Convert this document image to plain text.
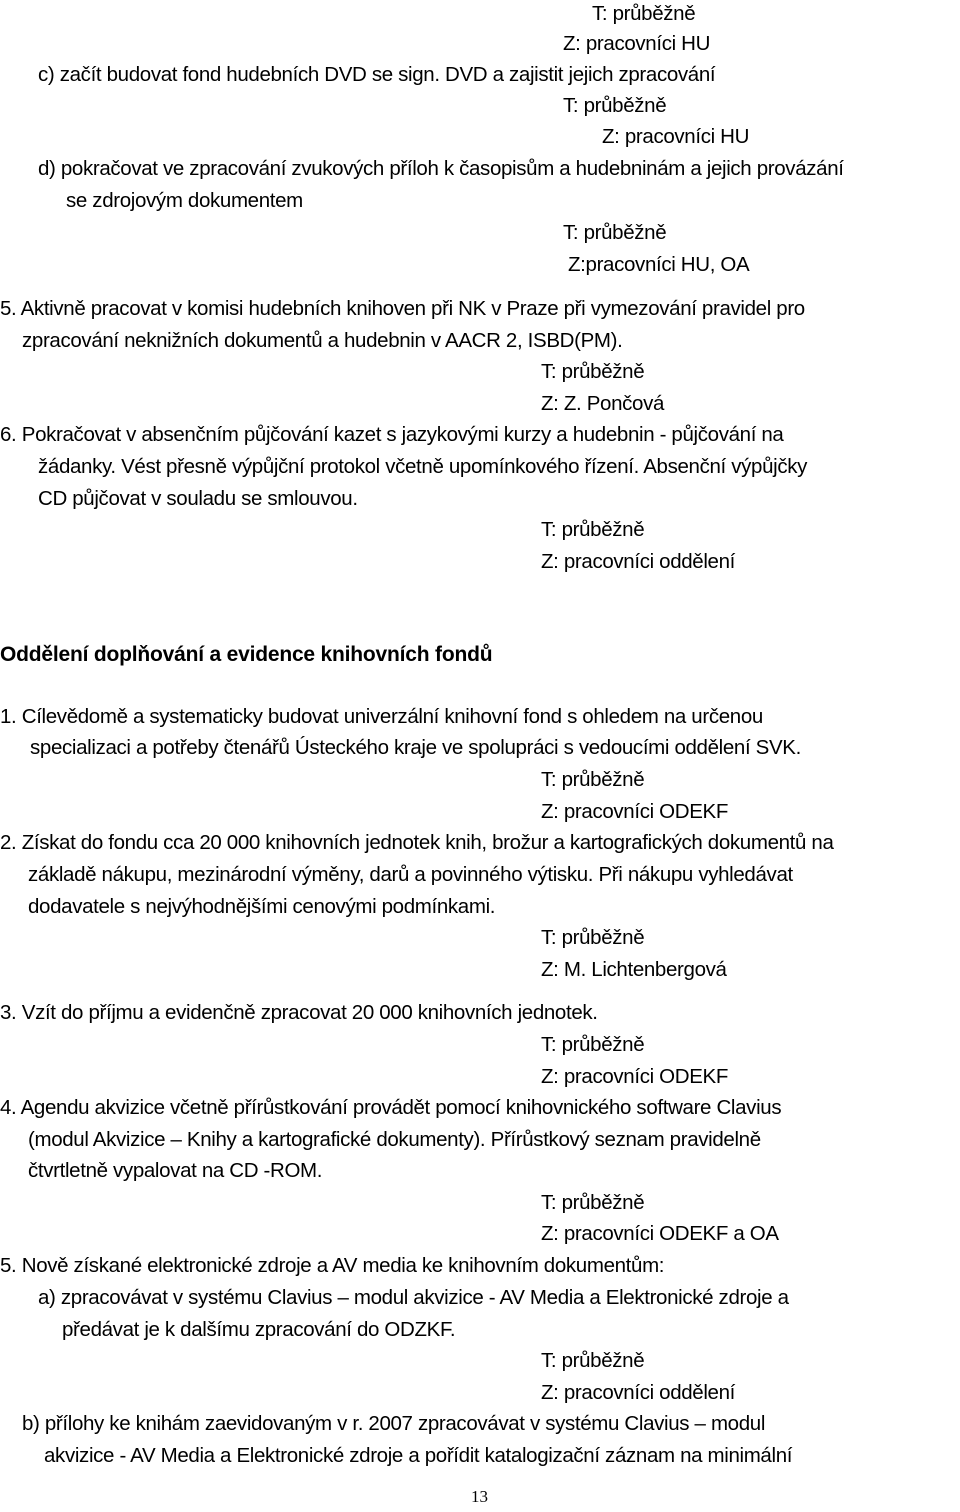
T: průběžně
Z: pracovníci HU
c) začít budovat fond hudebních DVD se sign. DVD a zajistit jejich zpracování
T: průběžně
Z: pracovníci HU
d) pokračovat ve zpracování zvukových příloh k časopisům a hudebninám a jejich provázání
se zdrojovým dokumentem
T: průběžně
Z:pracovníci HU, OA
5. Aktivně pracovat v komisi hudebních knihoven při NK v Praze při vymezování pravidel pro
zpracování neknižních dokumentů a hudebnin v AACR 2, ISBD(PM).
T: průběžně
Z: Z. Pončová
6. Pokračovat v absenčním půjčování kazet s jazykovými kurzy a hudebnin - půjčování na
žádanky. Vést přesně výpůjční protokol včetně upomínkového řízení. Absenční výpůjčky
CD půjčovat v souladu se smlouvou.
T: průběžně
Z: pracovníci oddělení
Oddělení doplňování a evidence knihovních fondů
1. Cílevědomě a systematicky budovat univerzální knihovní fond s ohledem na určenou
specializaci a potřeby čtenářů Ústeckého kraje ve spolupráci s vedoucími oddělení SVK.
T: průběžně
Z: pracovníci ODEKF
2. Získat do fondu cca 20 000 knihovních jednotek knih, brožur a kartografických dokumentů na
základě nákupu, mezinárodní výměny, darů a povinného výtisku. Při nákupu vyhledávat
dodavatele s nejvýhodnějšími cenovými podmínkami.
T: průběžně
Z: M. Lichtenbergová
3. Vzít do příjmu a evidenčně zpracovat 20 000 knihovních jednotek.
T: průběžně
Z: pracovníci ODEKF
4. Agendu akvizice včetně přírůstkování provádět pomocí knihovnického software Clavius
(modul Akvizice – Knihy a kartografické dokumenty). Přírůstkový seznam pravidelně
čtvrtletně vypalovat na CD -ROM.
T: průběžně
Z: pracovníci ODEKF a OA
5. Nově získané elektronické zdroje a AV media ke knihovním dokumentům:
a) zpracovávat v systému Clavius – modul akvizice - AV Media a Elektronické zdroje a
předávat je k dalšímu zpracování do ODZKF.
T: průběžně
Z: pracovníci oddělení
b) přílohy ke knihám zaevidovaným v r. 2007 zpracovávat v systému Clavius – modul
akvizice - AV Media a Elektronické zdroje a pořídit katalogizační záznam na minimální
13
